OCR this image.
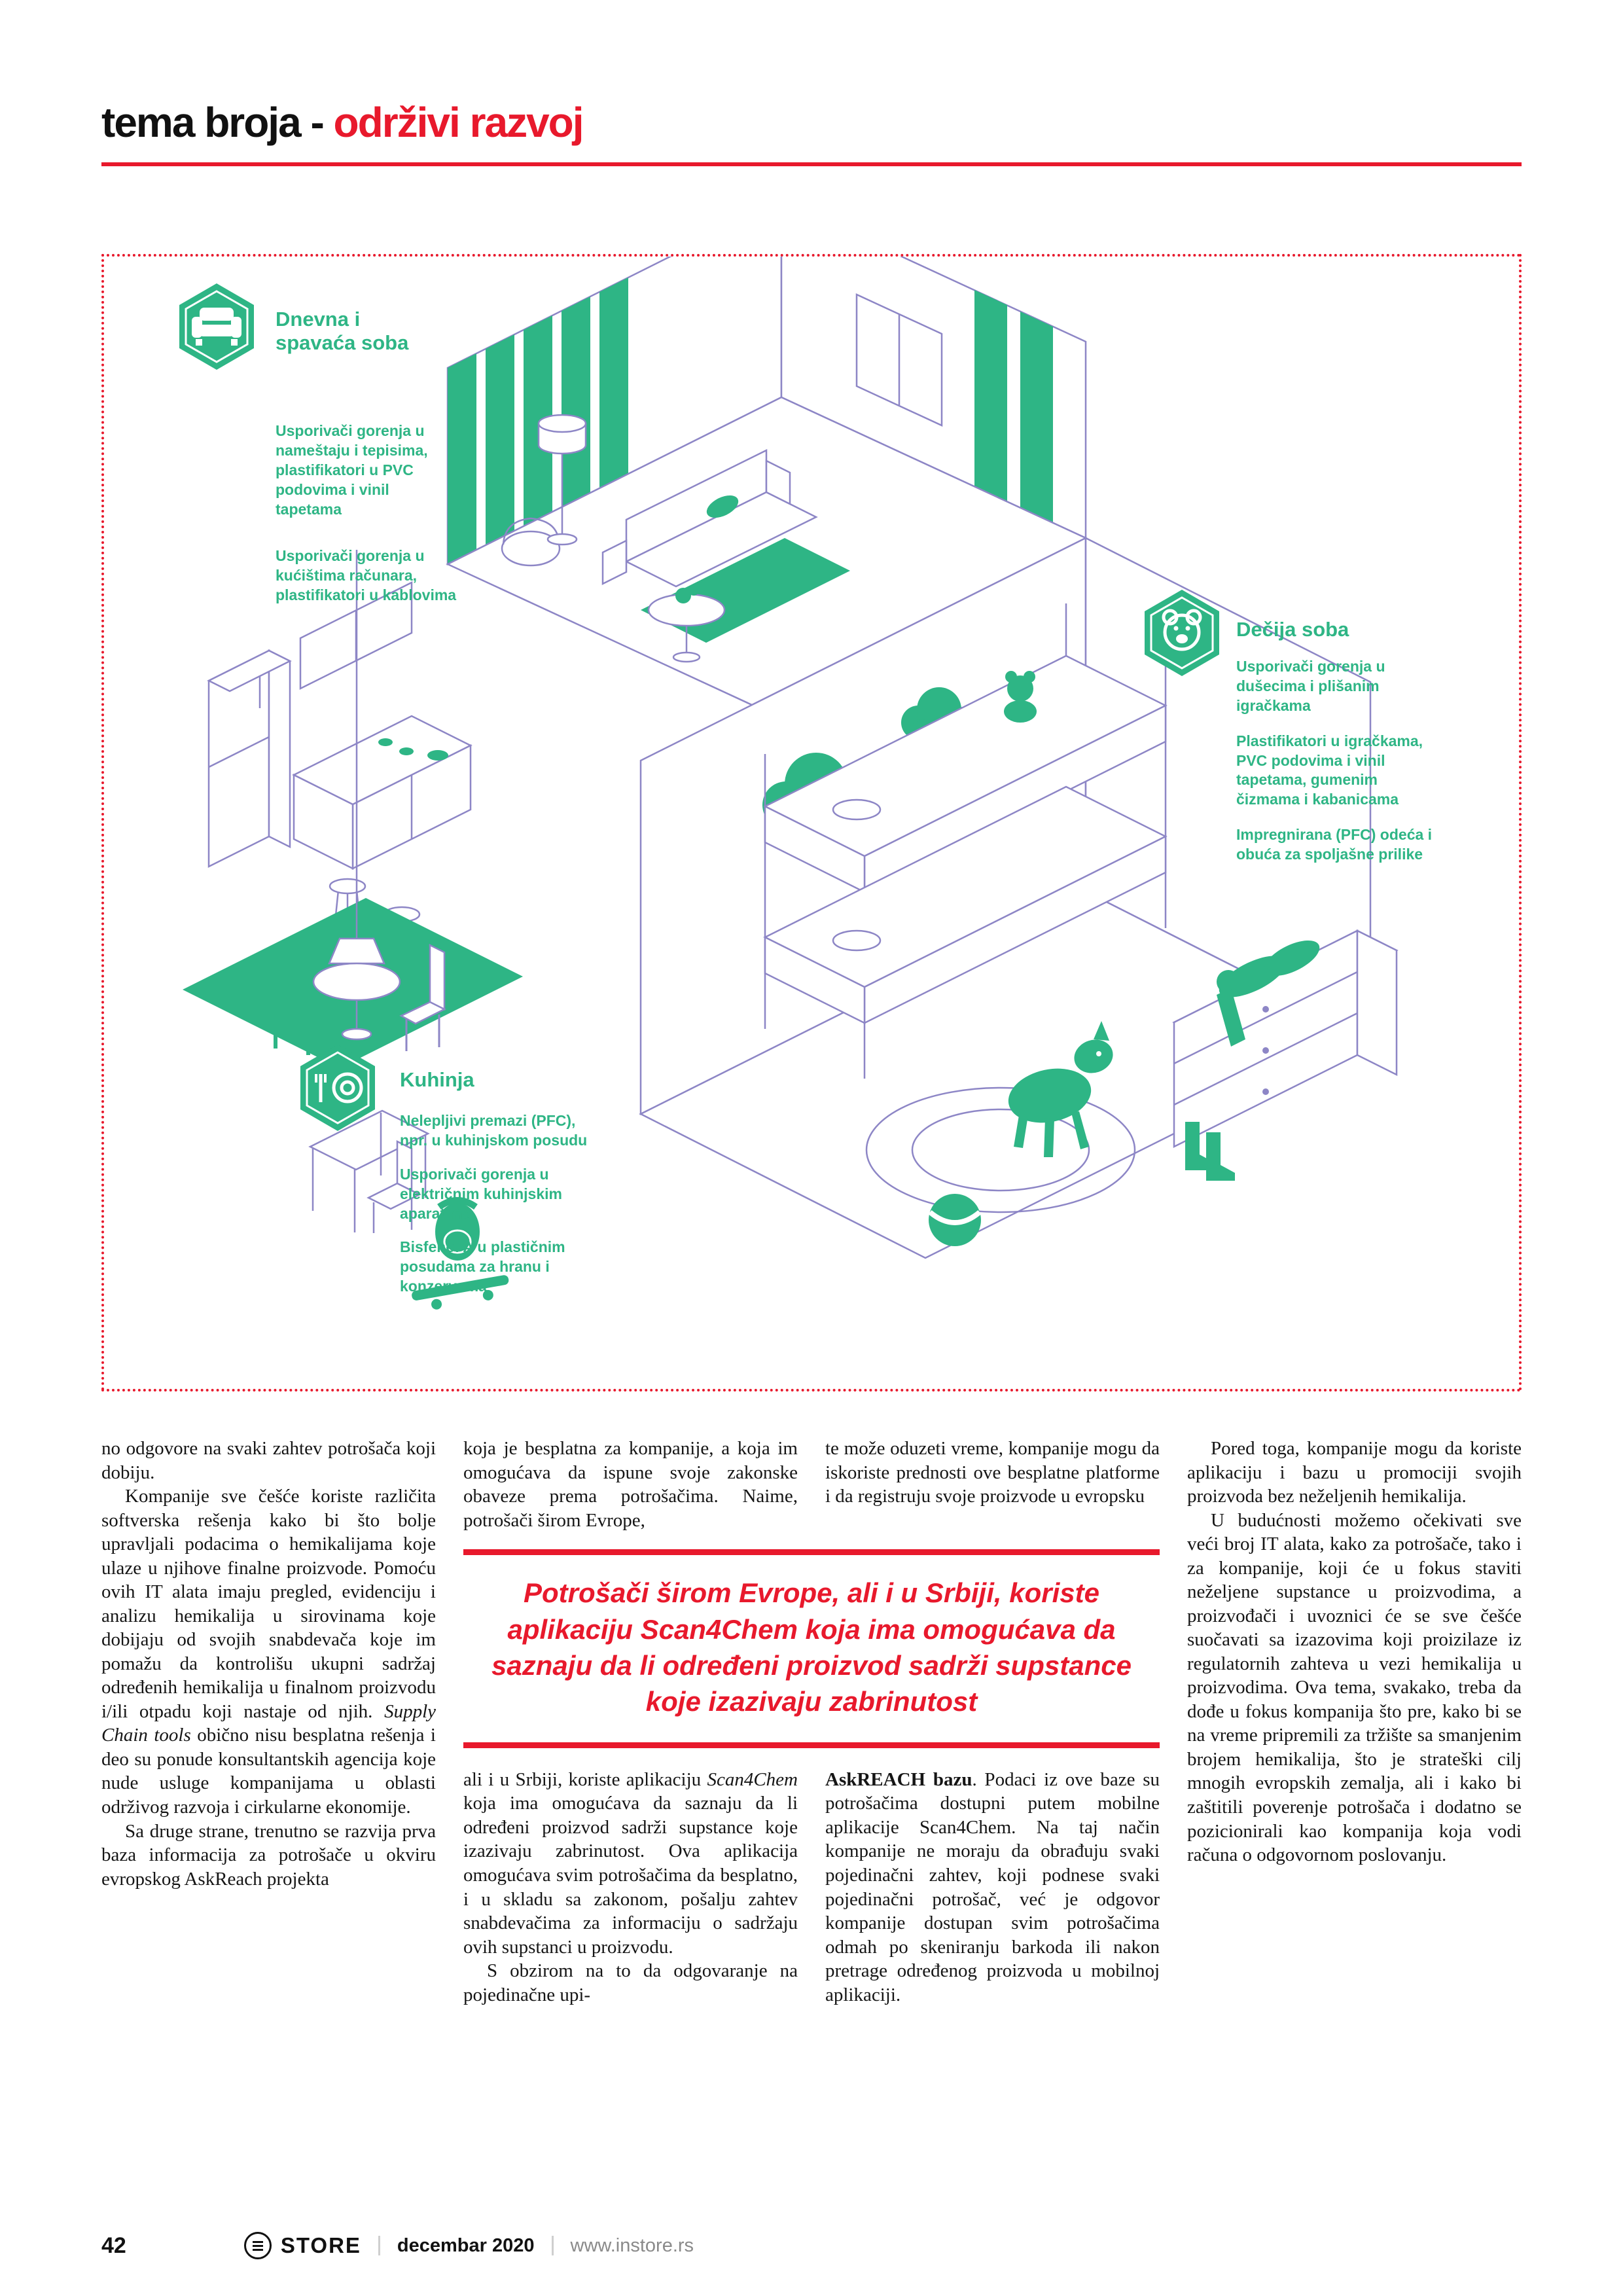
tema broja - održivi razvoj
Dnevna i spavaća soba
Usporivači gorenja u nameštaju i tepisima, plastifikatori u PVC podovima i vinil tapetama
Usporivači gorenja u kućištima računara, plastifikatori u kablovima
Dečija soba
Usporivači gorenja u dušecima i plišanim igračkama
Plastifikatori u igračkama, PVC podovima i vinil tapetama, gumenim čizmama i kabanicama
Impregnirana (PFC) odeća i obuća za spoljašne prilike
Kuhinja
Nelepljivi premazi (PFC), npr. u kuhinjskom posudu
Usporivači gorenja u električnim kuhinjskim aparatima
Bisfenol A u plastičnim posudama za hranu i konzervama

no odgovore na svaki zahtev potrošača koji dobiju.

Kompanije sve češće koriste različita softverska rešenja kako bi što bolje upravljali podacima o hemikalijama koje ulaze u njihove finalne proizvode. Pomoću ovih IT alata imaju pregled, evidenciju i analizu hemikalija u sirovinama koje dobijaju od svojih snabdevača koje im pomažu da kontrolišu ukupni sadržaj određenih hemikalija u finalnom proizvodu i/ili otpadu koji nastaje od njih. Supply Chain tools obično nisu besplatna rešenja i deo su ponude konsultantskih agencija koje nude usluge kompanijama u oblasti održivog razvoja i cirkularne ekonomije.

Sa druge strane, trenutno se razvija prva baza informacija za potrošače u okviru evropskog AskReach projekta

koja je besplatna za kompanije, a koja im omogućava da ispune svoje zakonske obaveze prema potrošačima. Naime, potrošači širom Evrope,

te može oduzeti vreme, kompanije mogu da iskoriste prednosti ove besplatne platforme i da registruju svoje proizvode u evropsku

Potrošači širom Evrope, ali i u Srbiji, koriste aplikaciju Scan4Chem koja ima omogućava da saznaju da li određeni proizvod sadrži supstance koje izazivaju zabrinutost

ali i u Srbiji, koriste aplikaciju Scan4Chem koja ima omogućava da saznaju da li određeni proizvod sadrži supstance koje izazivaju zabrinutost. Ova aplikacija omogućava svim potrošačima da besplatno, i u skladu sa zakonom, pošalju zahtev snabdevačima za informaciju o sadržaju ovih supstanci u proizvodu.

S obzirom na to da odgovaranje na pojedinačne upi-

AskREACH bazu. Podaci iz ove baze su potrošačima dostupni putem mobilne aplikacije Scan4Chem. Na taj način kompanije ne moraju da obrađuju svaki pojedinačni zahtev, koji podnese svaki pojedinačni potrošač, već je odgovor kompanije dostupan svim potrošačima odmah po skeniranju barkoda ili nakon pretrage određenog proizvoda u mobilnoj aplikaciji.

Pored toga, kompanije mogu da koriste aplikaciju i bazu u promociji svojih proizvoda bez neželjenih hemikalija.

U budućnosti možemo očekivati sve veći broj IT alata, kako za potrošače, tako i za kompanije, koji će u fokus staviti neželjene supstance u proizvodima, a proizvođači i uvoznici će se sve češće suočavati sa izazovima koji proizilaze iz regulatornih zahteva u vezi hemikalija u proizvodima. Ova tema, svakako, treba da dođe u fokus kompanija što pre, kako bi se na vreme pripremili za tržište sa smanjenim brojem hemikalija, što je strateški cilj mnogih evropskih zemalja, ali i kako bi zaštitili poverenje potrošača i dodatno se pozicionirali kao kompanija koja vodi računa o odgovornom poslovanju.

42	STORE decembar 2020 www.instore.rs
